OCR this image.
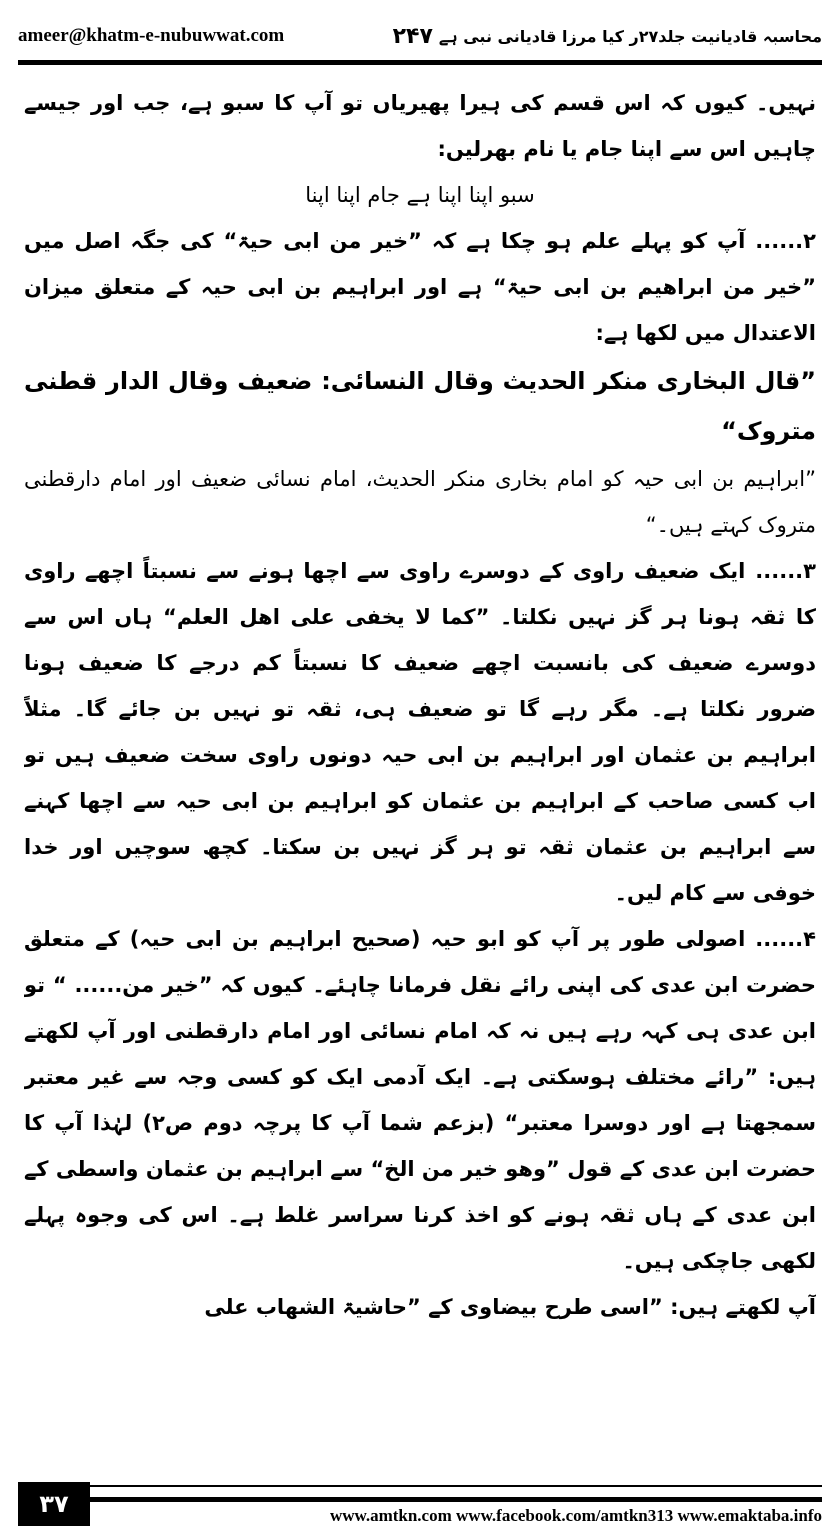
ameer@khatm-e-nubuwwat.com	محاسبہ قادیانیت جلد۲۷ر کیا مرزا قادیانی نبی ہے
۲۴۷

نہیں۔ کیوں کہ اس قسم کی ہیرا پھیریاں تو آپ کا سبو ہے، جب اور جیسے چاہیں اس سے اپنا جام یا نام بھرلیں:

سبو اپنا اپنا ہے جام اپنا اپنا

۲......آپ کو پہلے علم ہو چکا ہے کہ ”خیر من ابی حیۃ“ کی جگہ اصل میں ”خیر من ابراھیم بن ابی حیۃ“ ہے اور ابراہیم بن ابی حیہ کے متعلق میزان الاعتدال میں لکھا ہے:

”قال البخاری منکر الحدیث وقال النسائی: ضعیف وقال الدار قطنی متروک“

”ابراہیم بن ابی حیہ کو امام بخاری منکر الحدیث، امام نسائی ضعیف اور امام دارقطنی متروک کہتے ہیں۔“

۳......ایک ضعیف راوی کے دوسرے راوی سے اچھا ہونے سے نسبتاً اچھے راوی کا ثقہ ہونا ہر گز نہیں نکلتا۔ ”کما لا یخفی علی اھل العلم“ ہاں اس سے دوسرے ضعیف کی بانسبت اچھے ضعیف کا نسبتاً کم درجے کا ضعیف ہونا ضرور نکلتا ہے۔ مگر رہے گا تو ضعیف ہی، ثقہ تو نہیں بن جائے گا۔ مثلاً ابراہیم بن عثمان اور ابراہیم بن ابی حیہ دونوں راوی سخت ضعیف ہیں تو اب کسی صاحب کے ابراہیم بن عثمان کو ابراہیم بن ابی حیہ سے اچھا کہنے سے ابراہیم بن عثمان ثقہ تو ہر گز نہیں بن سکتا۔ کچھ سوچیں اور خدا خوفی سے کام لیں۔

۴......اصولی طور پر آپ کو ابو حیہ (صحیح ابراہیم بن ابی حیہ) کے متعلق حضرت ابن عدی کی اپنی رائے نقل فرمانا چاہئے۔ کیوں کہ ”خیر من...... “ تو ابن عدی ہی کہہ رہے ہیں نہ کہ امام نسائی اور امام دارقطنی اور آپ لکھتے ہیں: ”رائے مختلف ہوسکتی ہے۔ ایک آدمی ایک کو کسی وجہ سے غیر معتبر سمجھتا ہے اور دوسرا معتبر“ (بزعم شما آپ کا پرچہ دوم ص۲) لہٰذا آپ کا حضرت ابن عدی کے قول ”وھو خیر من الخ“ سے ابراہیم بن عثمان واسطی کے ابن عدی کے ہاں ثقہ ہونے کو اخذ کرنا سراسر غلط ہے۔ اس کی وجوہ پہلے لکھی جاچکی ہیں۔

آپ لکھتے ہیں: ”اسی طرح بیضاوی کے ”حاشیۃ الشھاب علی

۳۷	www.amtkn.com www.facebook.com/amtkn313 www.emaktaba.info
